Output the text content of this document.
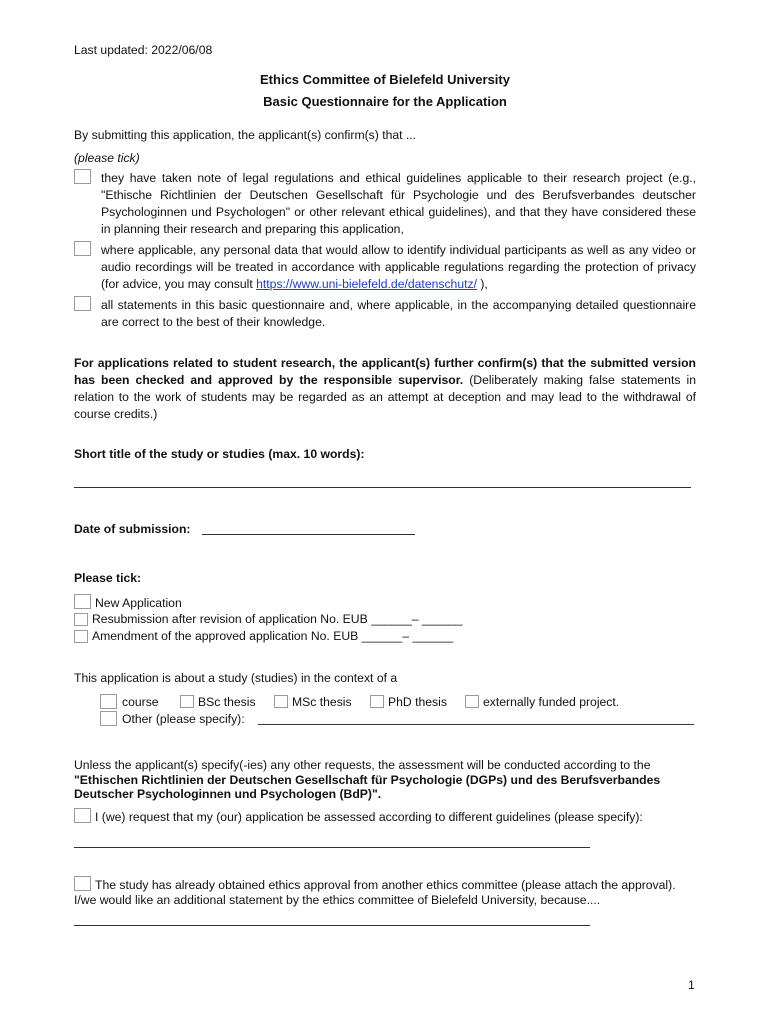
Last updated: 2022/06/08
Ethics Committee of Bielefeld University
Basic Questionnaire for the Application
By submitting this application, the applicant(s) confirm(s) that ...
(please tick)
they have taken note of legal regulations and ethical guidelines applicable to their research project (e.g., "Ethische Richtlinien der Deutschen Gesellschaft für Psychologie und des Berufsverbandes deutscher Psychologinnen und Psychologen" or other relevant ethical guidelines), and that they have considered these in planning their research and preparing this application,
where applicable, any personal data that would allow to identify individual participants as well as any video or audio recordings will be treated in accordance with applicable regulations regarding the protection of privacy (for advice, you may consult https://www.uni-bielefeld.de/datenschutz/ ),
all statements in this basic questionnaire and, where applicable, in the accompanying detailed questionnaire are correct to the best of their knowledge.
For applications related to student research, the applicant(s) further confirm(s) that the submitted version has been checked and approved by the responsible supervisor. (Deliberately making false statements in relation to the work of students may be regarded as an attempt at deception and may lead to the withdrawal of course credits.)
Short title of the study or studies (max. 10 words):
Date of submission:
Please tick:
New Application
Resubmission after revision of application No. EUB ______– ______
Amendment of the approved application No. EUB ______– ______
This application is about a study (studies) in the context of a
course	BSc thesis	MSc thesis	PhD thesis	externally funded project.
Other (please specify):
Unless the applicant(s) specify(-ies) any other requests, the assessment will be conducted according to the "Ethischen Richtlinien der Deutschen Gesellschaft für Psychologie (DGPs) und des Berufsverbandes Deutscher Psychologinnen und Psychologen (BdP)".
I (we) request that my (our) application be assessed according to different guidelines (please specify):
The study has already obtained ethics approval from another ethics committee (please attach the approval). I/we would like an additional statement by the ethics committee of Bielefeld University, because....
1
